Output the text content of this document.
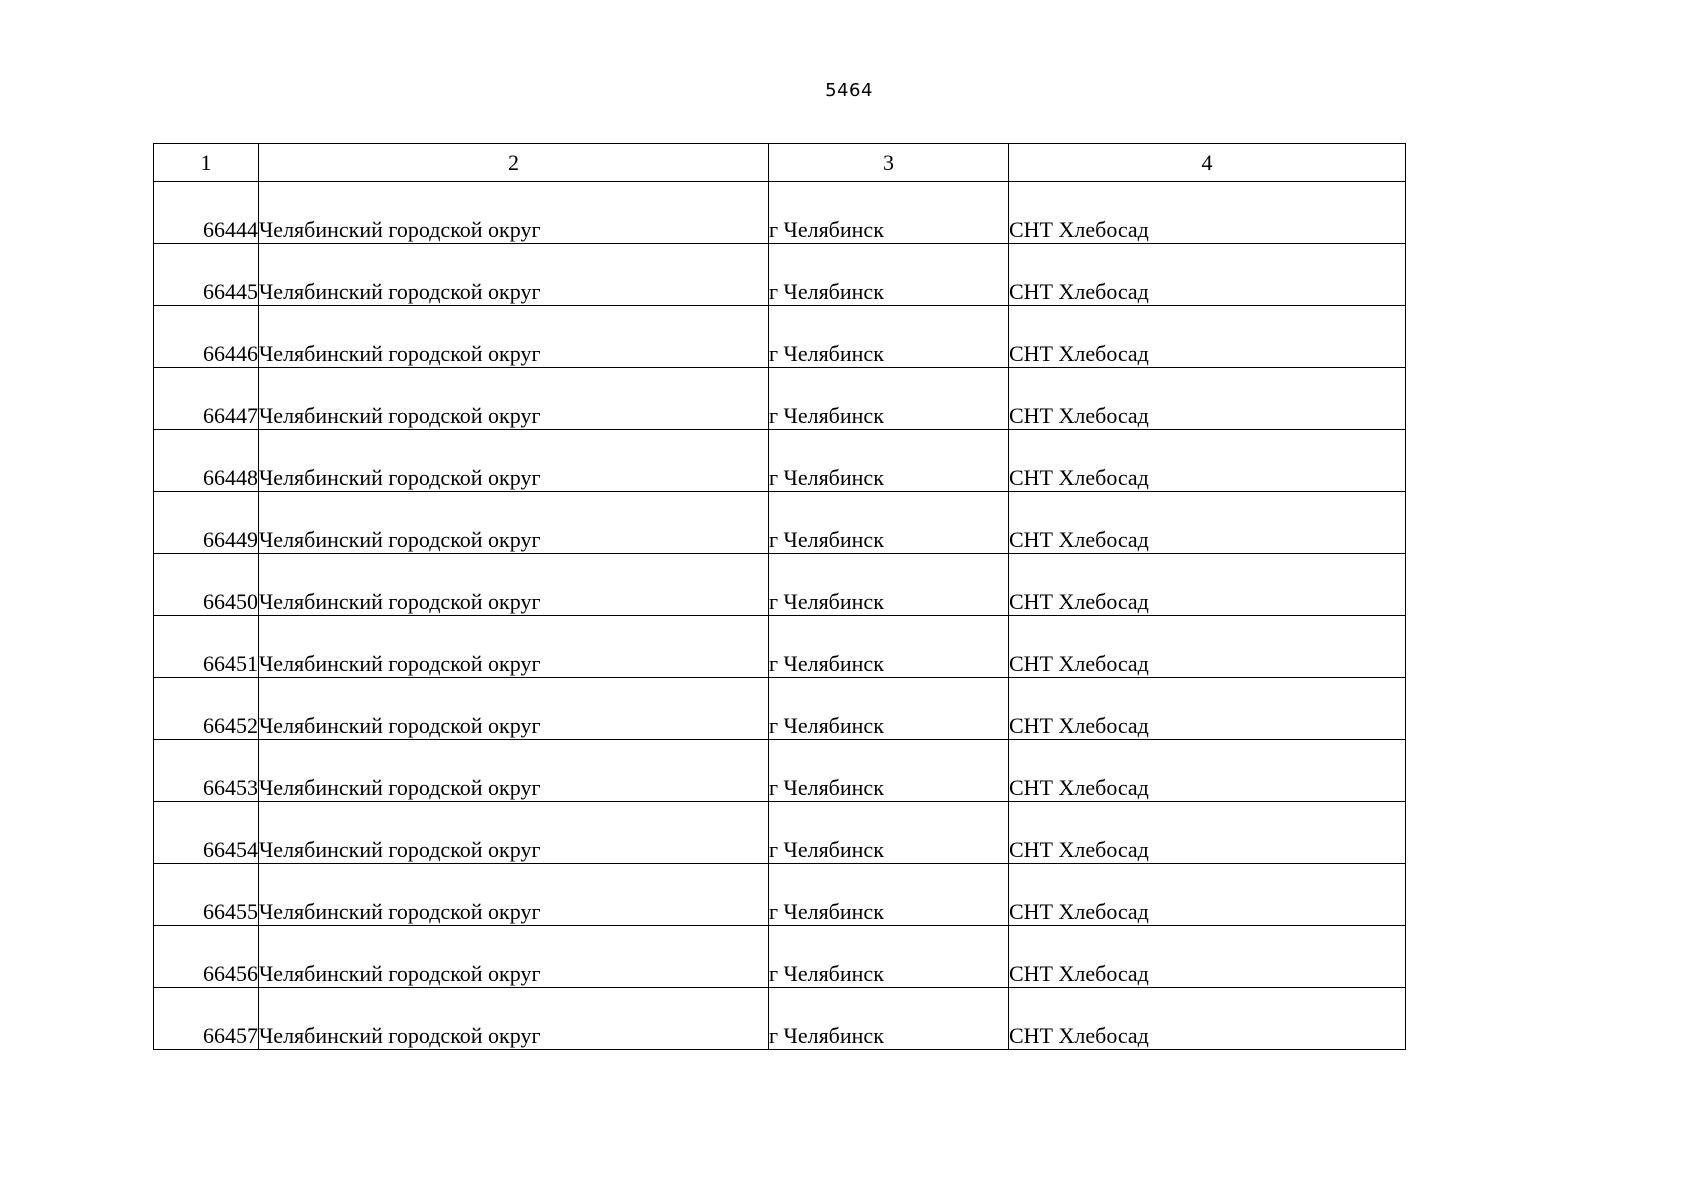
5464
1	2	3	4
66444	Челябинский городской округ	г Челябинск	СНТ Хлебосад
66445	Челябинский городской округ	г Челябинск	СНТ Хлебосад
66446	Челябинский городской округ	г Челябинск	СНТ Хлебосад
66447	Челябинский городской округ	г Челябинск	СНТ Хлебосад
66448	Челябинский городской округ	г Челябинск	СНТ Хлебосад
66449	Челябинский городской округ	г Челябинск	СНТ Хлебосад
66450	Челябинский городской округ	г Челябинск	СНТ Хлебосад
66451	Челябинский городской округ	г Челябинск	СНТ Хлебосад
66452	Челябинский городской округ	г Челябинск	СНТ Хлебосад
66453	Челябинский городской округ	г Челябинск	СНТ Хлебосад
66454	Челябинский городской округ	г Челябинск	СНТ Хлебосад
66455	Челябинский городской округ	г Челябинск	СНТ Хлебосад
66456	Челябинский городской округ	г Челябинск	СНТ Хлебосад
66457	Челябинский городской округ	г Челябинск	СНТ Хлебосад
